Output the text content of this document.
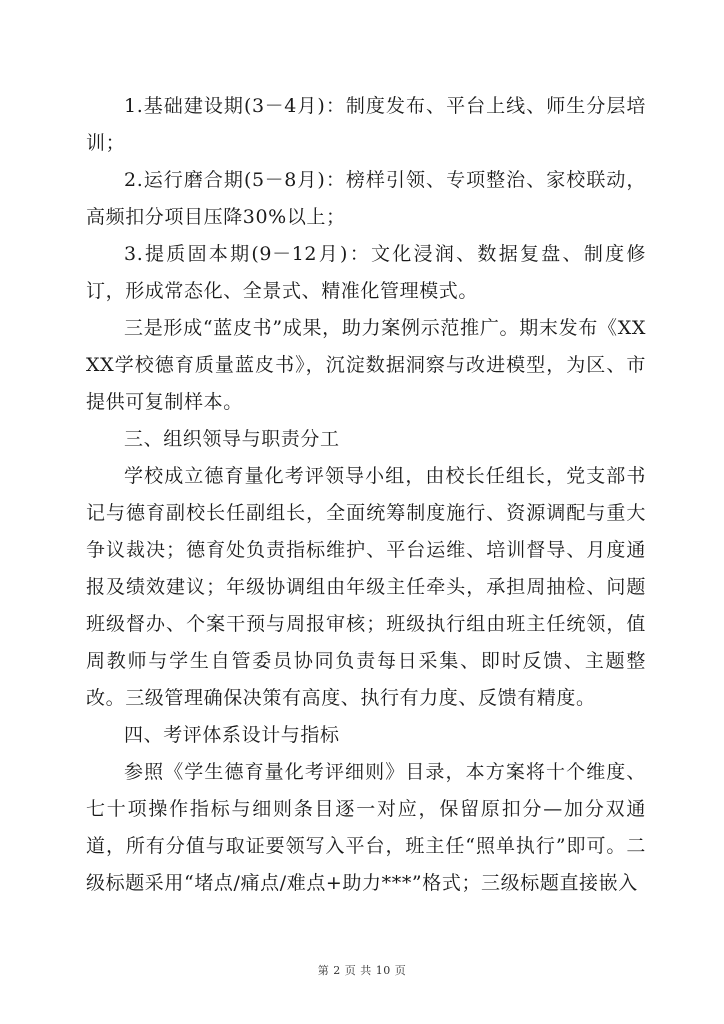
1.基础建设期(3－4月)：制度发布、平台上线、师生分层培训；

2.运行磨合期(5－8月)：榜样引领、专项整治、家校联动，高频扣分项目压降30%以上；

3.提质固本期(9－12月)：文化浸润、数据复盘、制度修订，形成常态化、全景式、精准化管理模式。

三是形成“蓝皮书”成果，助力案例示范推广。期末发布《XXXX学校德育质量蓝皮书》，沉淀数据洞察与改进模型，为区、市提供可复制样本。

三、组织领导与职责分工

学校成立德育量化考评领导小组，由校长任组长，党支部书记与德育副校长任副组长，全面统筹制度施行、资源调配与重大争议裁决；德育处负责指标维护、平台运维、培训督导、月度通报及绩效建议；年级协调组由年级主任牵头，承担周抽检、问题班级督办、个案干预与周报审核；班级执行组由班主任统领，值周教师与学生自管委员协同负责每日采集、即时反馈、主题整改。三级管理确保决策有高度、执行有力度、反馈有精度。

四、考评体系设计与指标

参照《学生德育量化考评细则》目录，本方案将十个维度、七十项操作指标与细则条目逐一对应，保留原扣分—加分双通道，所有分值与取证要领写入平台，班主任“照单执行”即可。二级标题采用“堵点/痛点/难点+助力***”格式；三级标题直接嵌入

第 2 页 共 10 页
